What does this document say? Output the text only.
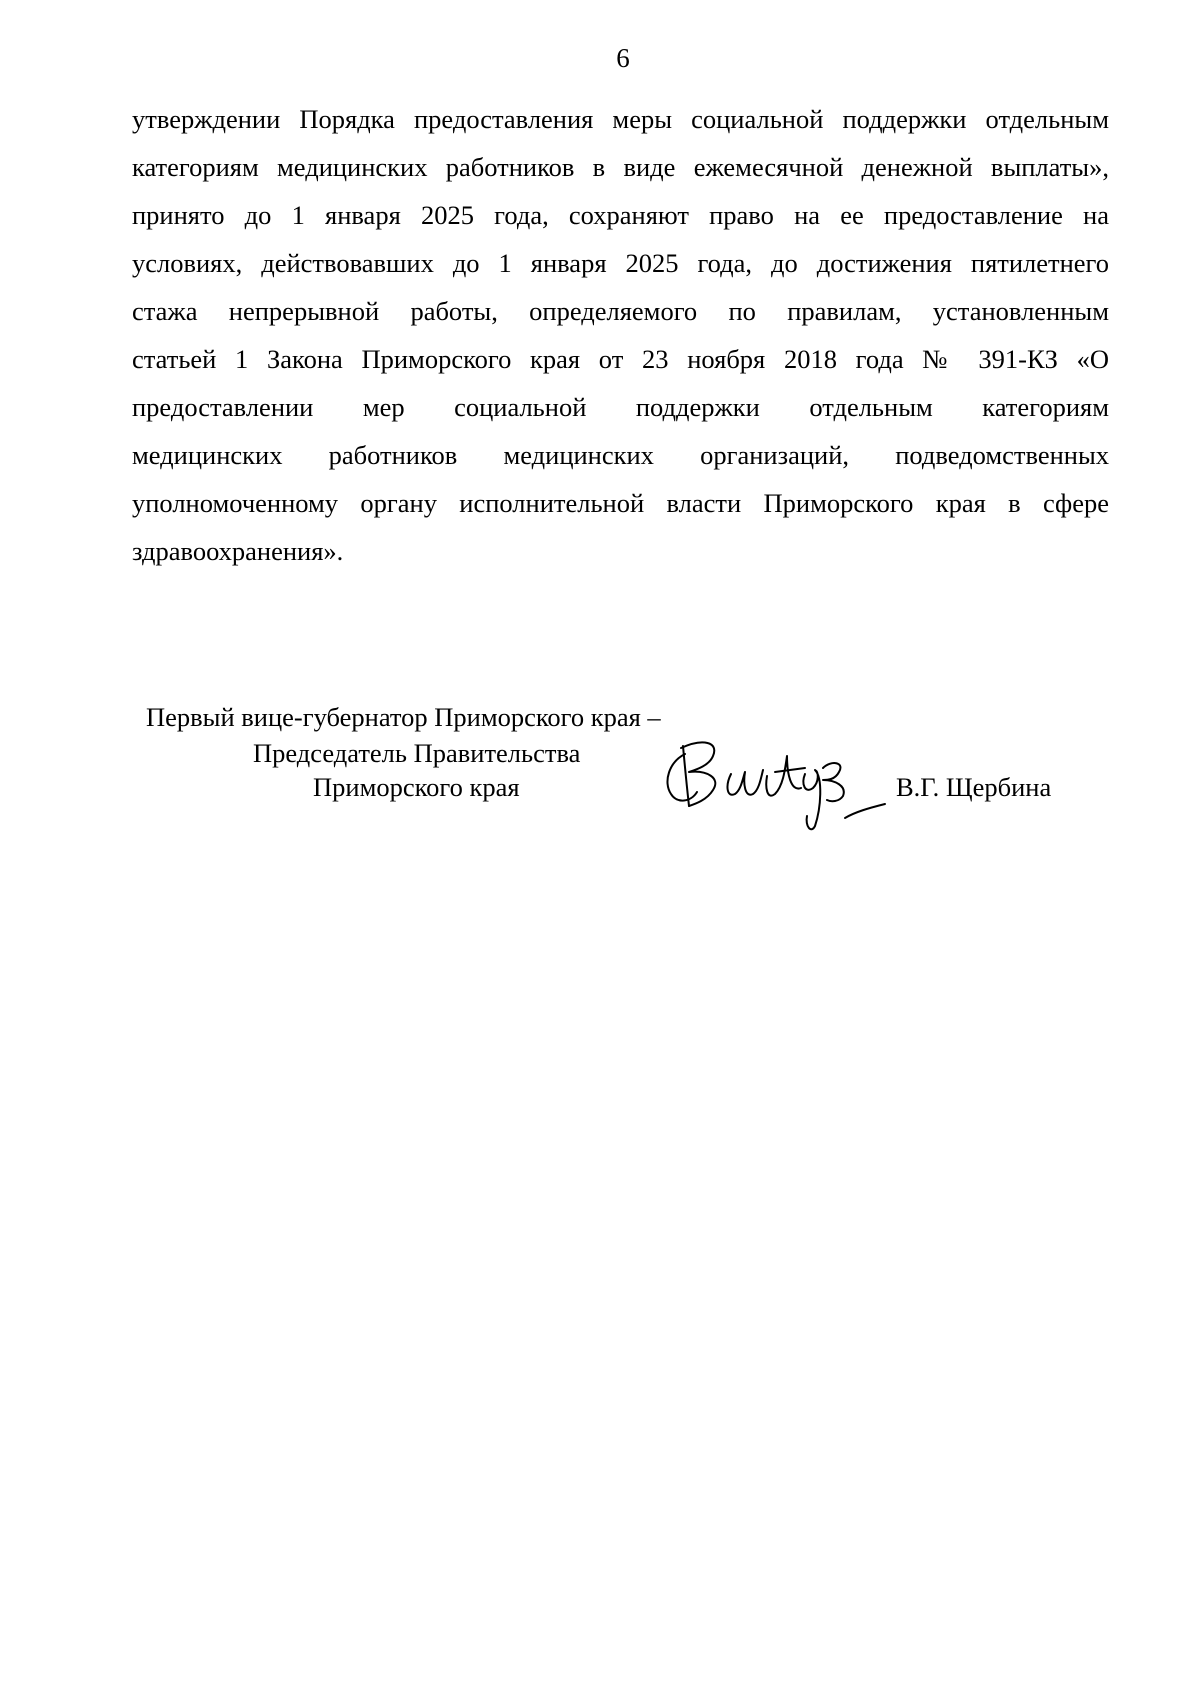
6
утверждении Порядка предоставления меры социальной поддержки отдельным
категориям медицинских работников в виде ежемесячной денежной выплаты»,
принято до 1 января 2025 года, сохраняют право на ее предоставление на
условиях, действовавших до 1 января 2025 года, до достижения пятилетнего
стажа непрерывной работы, определяемого по правилам, установленным
статьей 1 Закона Приморского края от 23 ноября 2018 года № 391-КЗ «О
предоставлении мер социальной поддержки отдельным категориям
медицинских работников медицинских организаций, подведомственных
уполномоченному органу исполнительной власти Приморского края в сфере
здравоохранения».
Первый вице-губернатор Приморского края –
Председатель Правительства
Приморского края	В.Г. Щербина
